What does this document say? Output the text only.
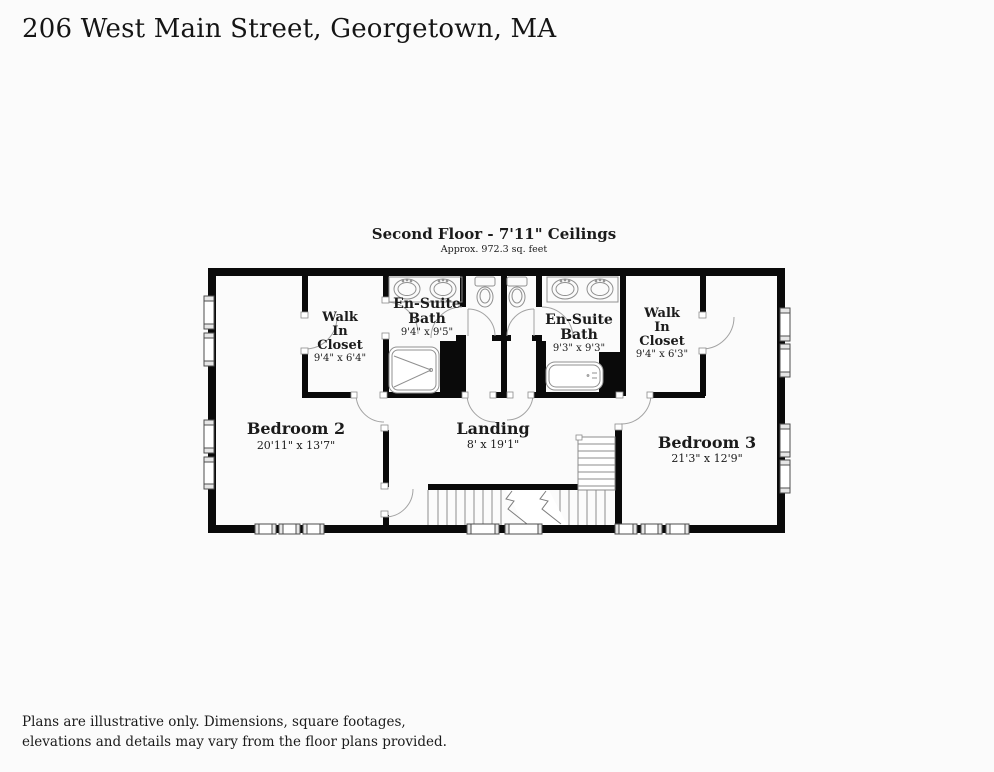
206 West Main Street, Georgetown, MA
Second Floor - 7'11" Ceilings
Approx. 972.3 sq. feet
Walk
In
Closet
9'4" x 6'4"
En-Suite
Bath
9'4" x 9'5"
En-Suite
Bath
9'3" x 9'3"
Walk
In
Closet
9'4" x 6'3"
Bedroom 2
20'11" x 13'7"
Landing
8' x 19'1"	Bedroom 3
21'3" x 12'9"
Plans are illustrative only. Dimensions, square footages,
elevations and details may vary from the floor plans provided.
